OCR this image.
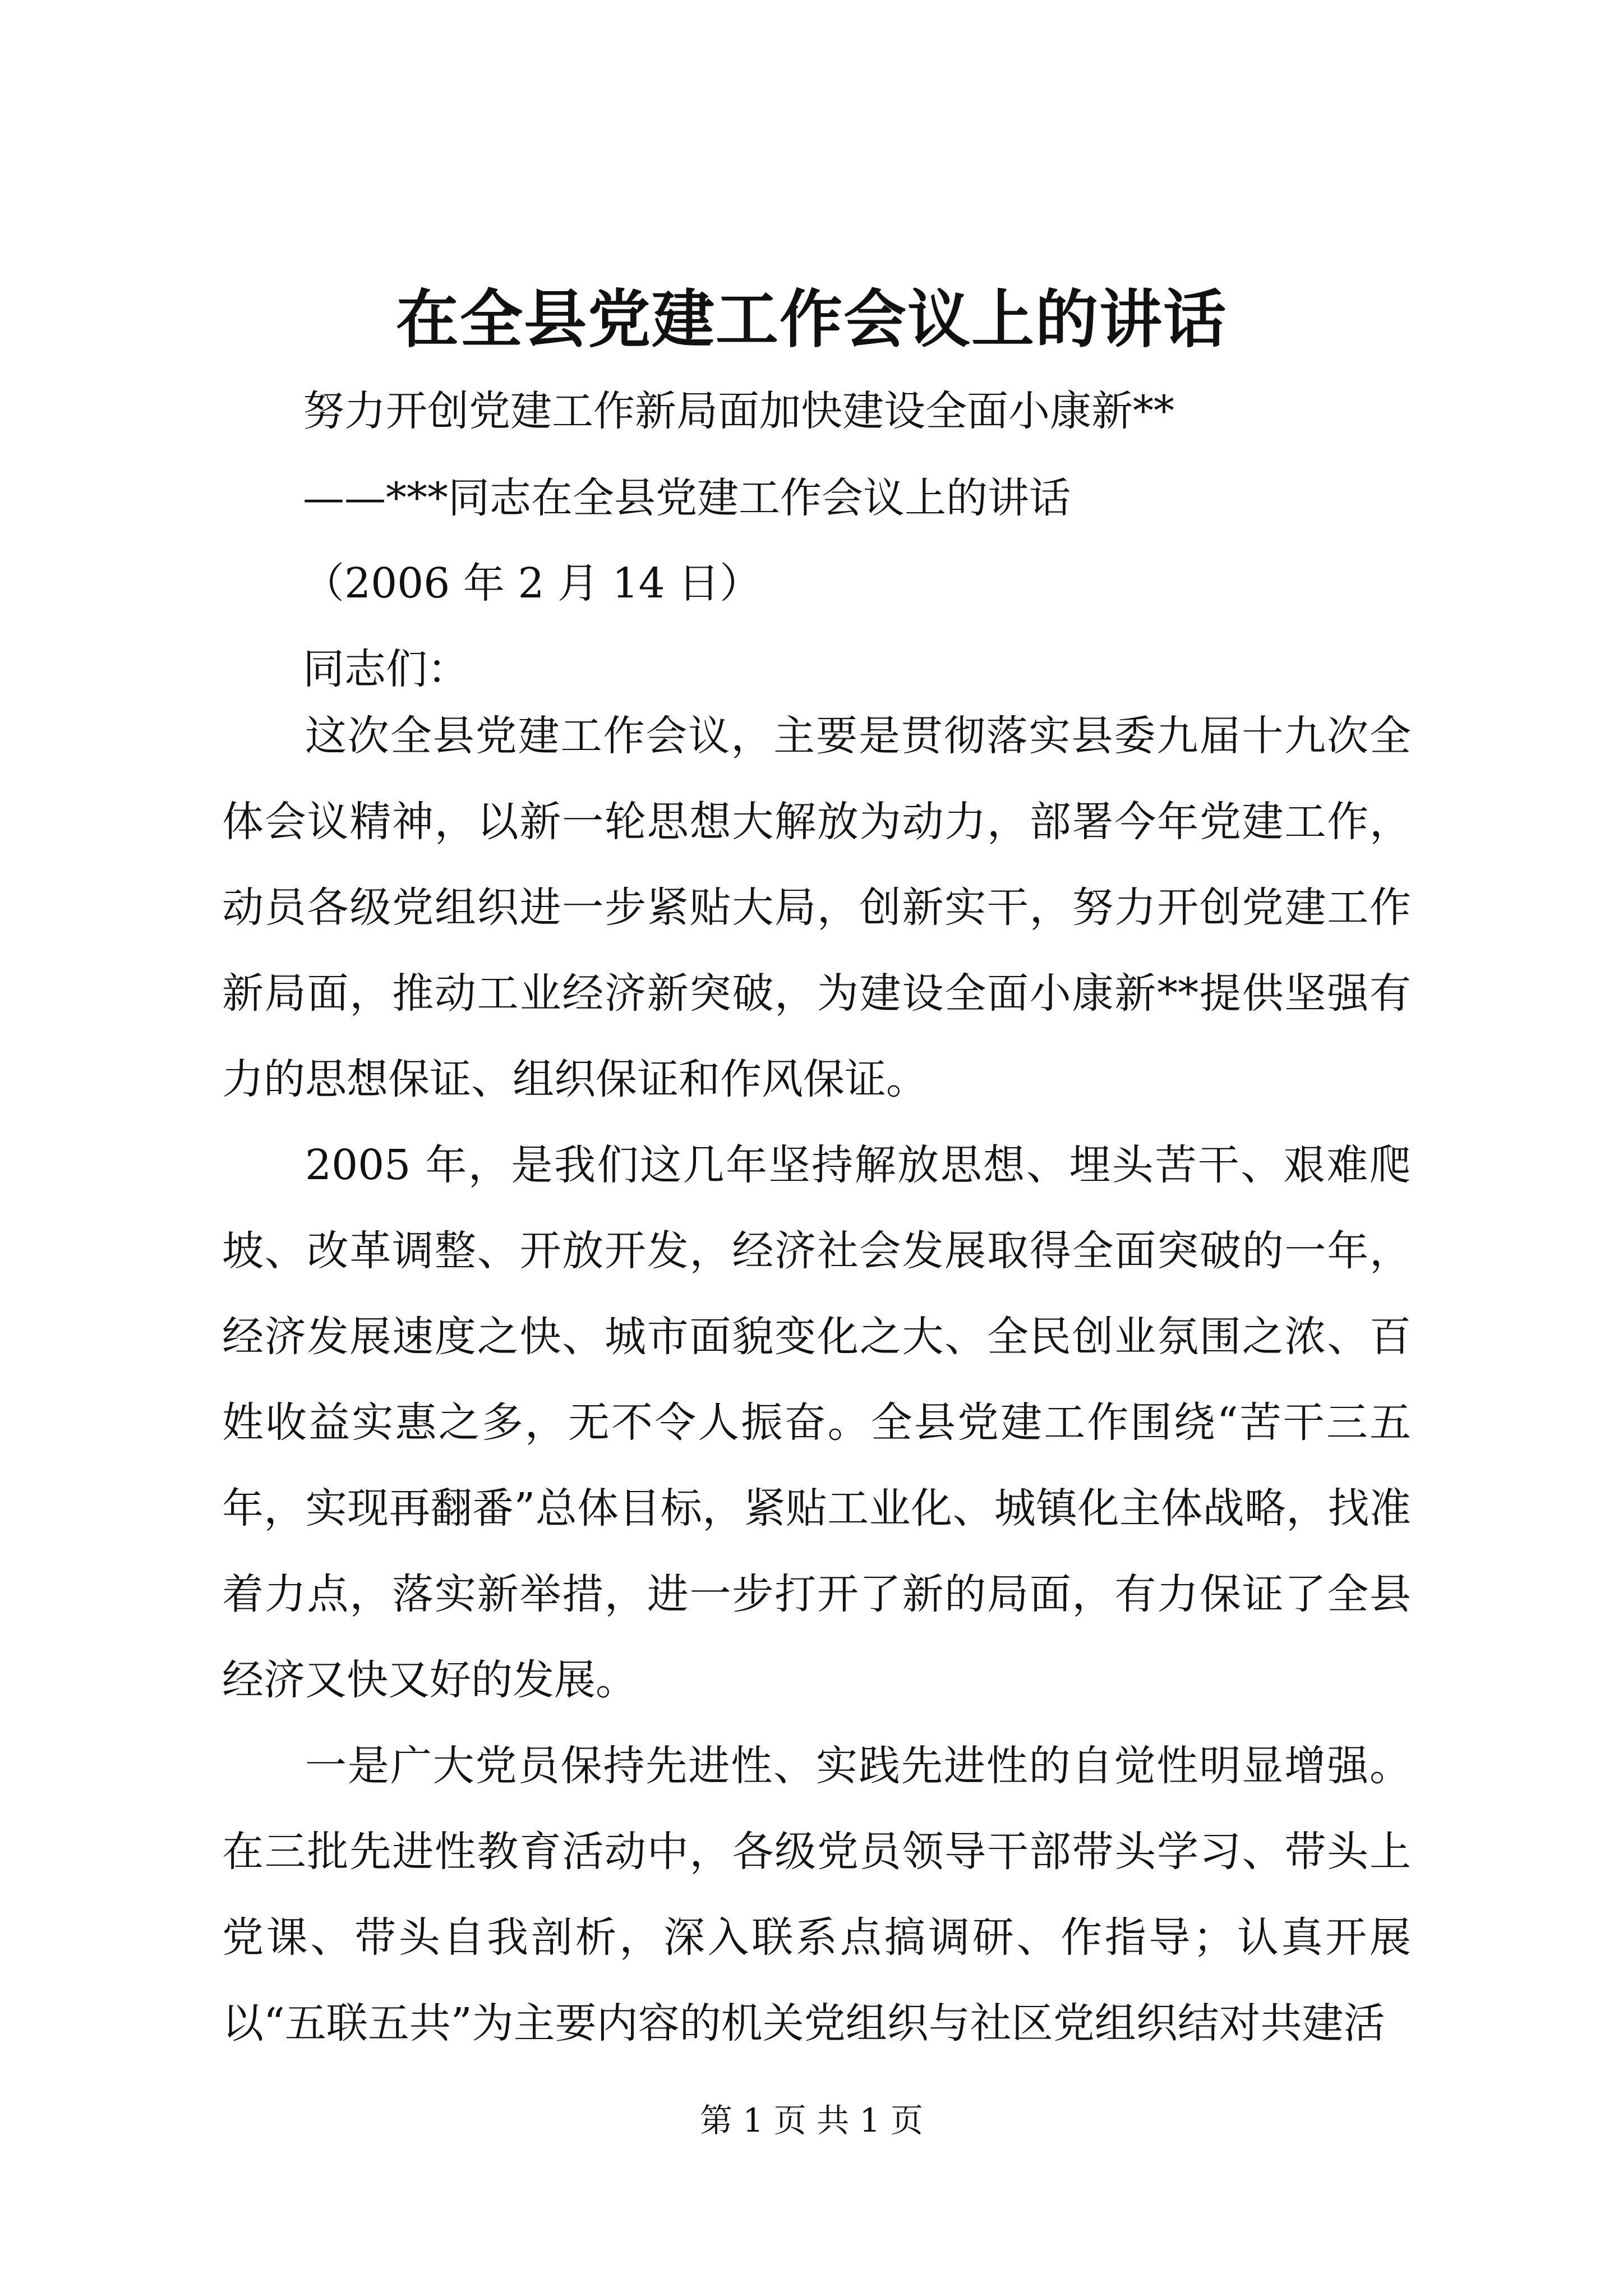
在全县党建工作会议上的讲话
努力开创党建工作新局面加快建设全面小康新**
——***同志在全县党建工作会议上的讲话
（2006 年 2 月 14 日）
同志们：

这次全县党建工作会议，主要是贯彻落实县委九届十九次全体会议精神，以新一轮思想大解放为动力，部署今年党建工作，动员各级党组织进一步紧贴大局，创新实干，努力开创党建工作新局面，推动工业经济新突破，为建设全面小康新**提供坚强有力的思想保证、组织保证和作风保证。

2005 年，是我们这几年坚持解放思想、埋头苦干、艰难爬坡、改革调整、开放开发，经济社会发展取得全面突破的一年，经济发展速度之快、城市面貌变化之大、全民创业氛围之浓、百姓收益实惠之多，无不令人振奋。全县党建工作围绕“苦干三五年，实现再翻番”总体目标，紧贴工业化、城镇化主体战略，找准着力点，落实新举措，进一步打开了新的局面，有力保证了全县经济又快又好的发展。

一是广大党员保持先进性、实践先进性的自觉性明显增强。在三批先进性教育活动中，各级党员领导干部带头学习、带头上党课、带头自我剖析，深入联系点搞调研、作指导；认真开展以“五联五共”为主要内容的机关党组织与社区党组织结对共建活

第 1 页 共 1 页
